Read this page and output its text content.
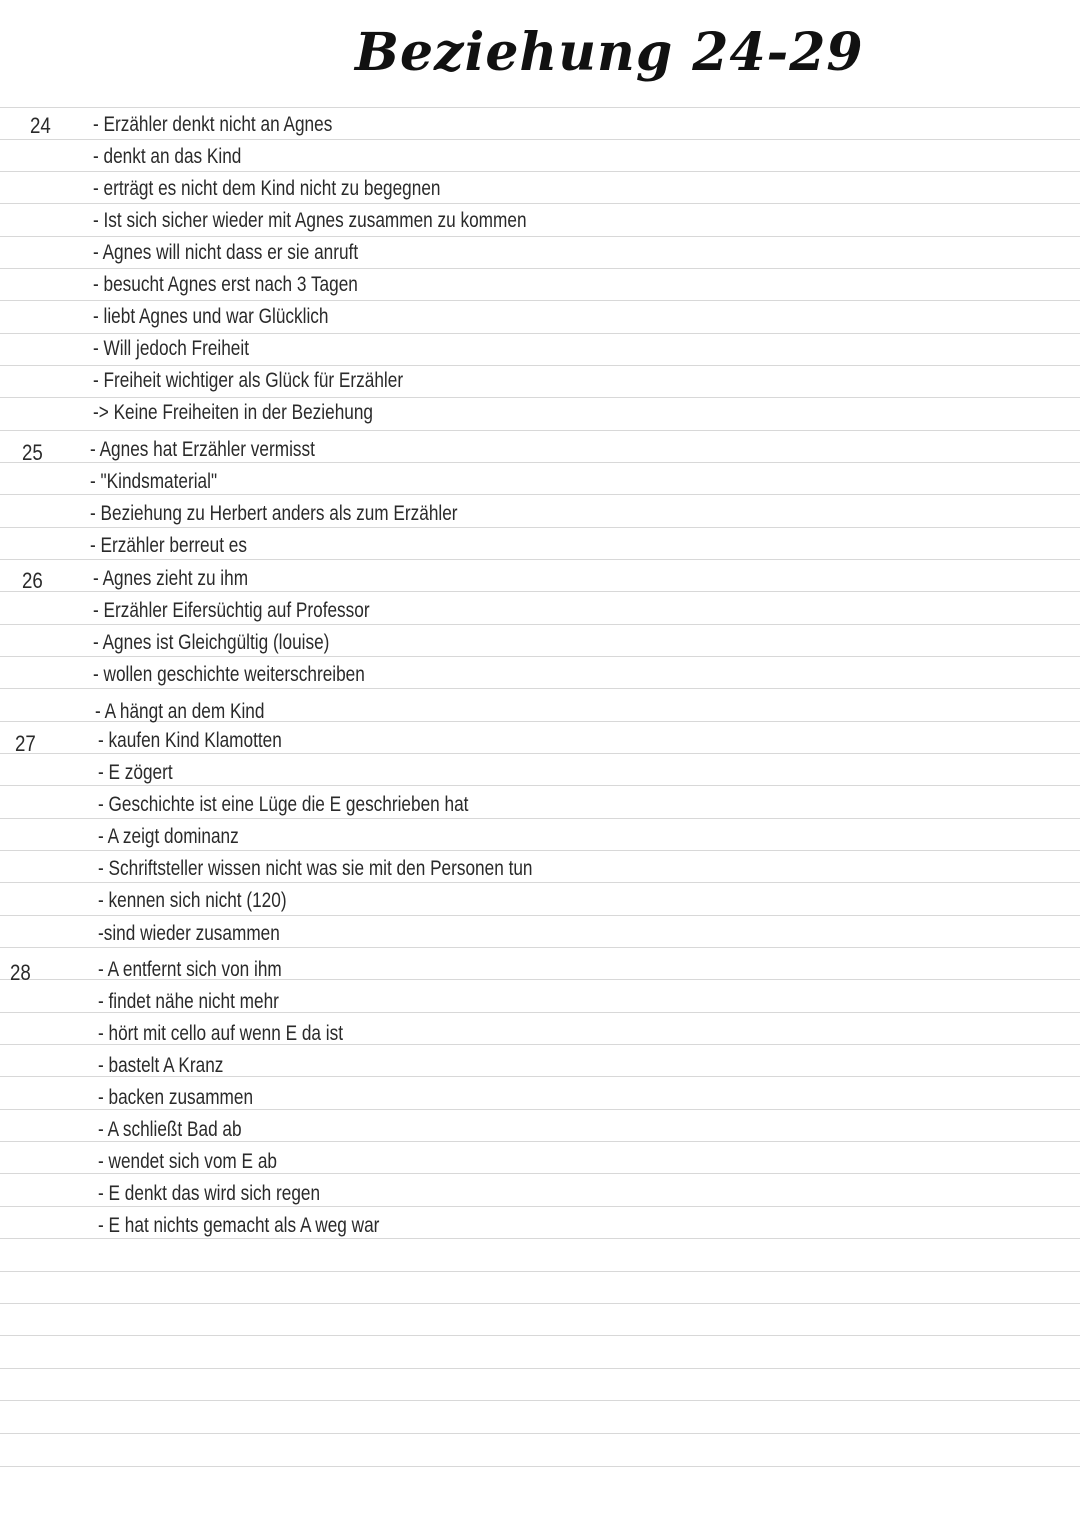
Beziehung 24-29
24 - Erzähler denkt nicht an Agnes
- denkt an das Kind
- erträgt es nicht dem Kind nicht zu begegnen
- Ist sich sicher wieder mit Agnes zusammen zu kommen
- Agnes will nicht dass er sie anruft
- besucht Agnes erst nach 3 Tagen
- liebt Agnes und war Glücklich
- Will jedoch Freiheit
- Freiheit wichtiger als Glück für Erzähler
-> Keine Freiheiten in der Beziehung
25 - Agnes hat Erzähler vermisst
- "Kindsmaterial"
- Beziehung zu Herbert anders als zum Erzähler
- Erzähler berreut es
26 - Agnes zieht zu ihm
- Erzähler Eifersüchtig auf Professor
- Agnes ist Gleichgültig (louise)
- wollen geschichte weiterschreiben
27
- A hängt an dem Kind
- kaufen Kind Klamotten
- E zögert
- Geschichte ist eine Lüge die E geschrieben hat
- A zeigt dominanz
- Schriftsteller wissen nicht was sie mit den Personen tun
- kennen sich nicht (120)
-sind wieder zusammen
28	- A entfernt sich von ihm
- findet nähe nicht mehr
- hört mit cello auf wenn E da ist
- bastelt A Kranz
- backen zusammen
- A schließt Bad ab
- wendet sich vom E ab
- E denkt das wird sich regen
- E hat nichts gemacht als A weg war
